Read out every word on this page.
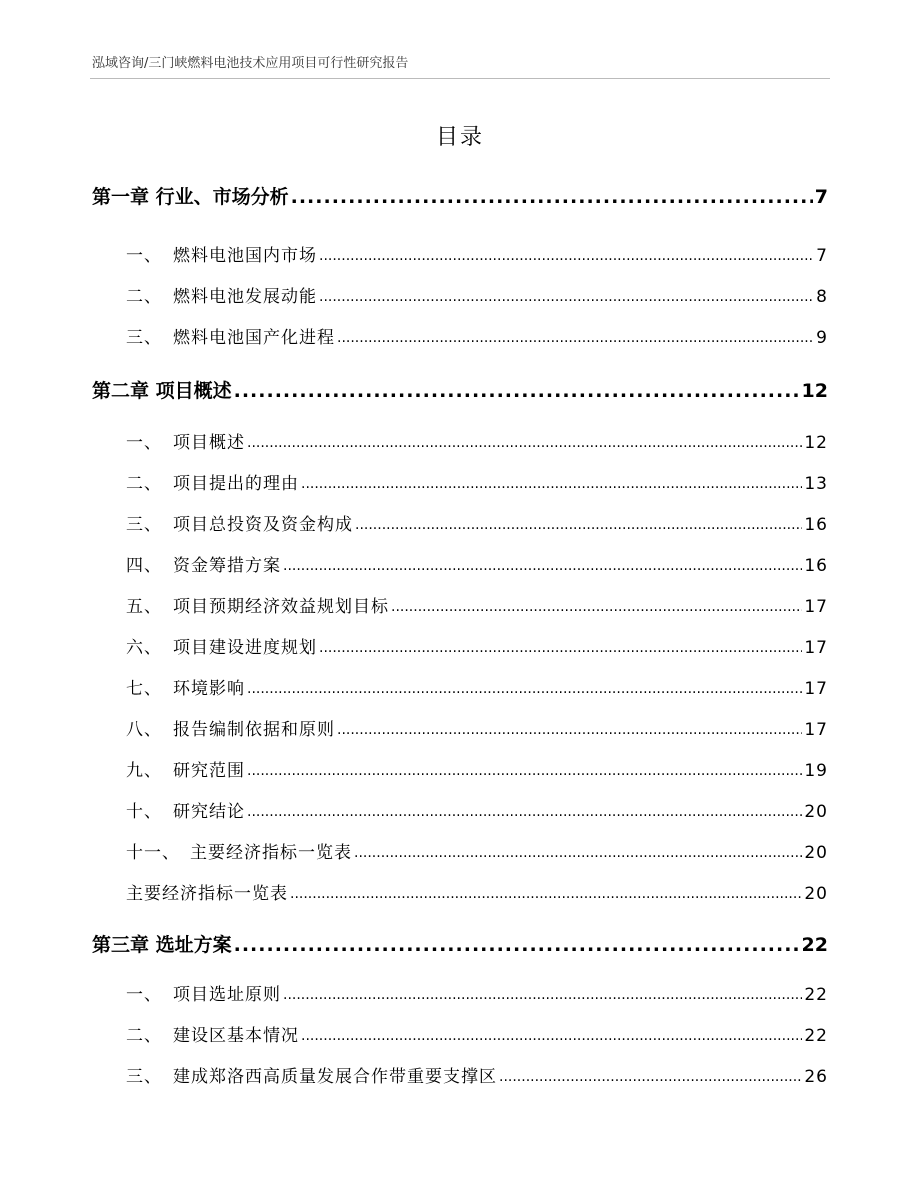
泓域咨询/三门峡燃料电池技术应用项目可行性研究报告
目录
第一章 行业、市场分析 .....	7
一、 燃料电池国内市场 .....	7
二、 燃料电池发展动能 .....	8
三、 燃料电池国产化进程 .....	9
第二章 项目概述 .....	12
一、 项目概述 .....	12
二、 项目提出的理由 .....	13
三、 项目总投资及资金构成 .....	16
四、 资金筹措方案 .....	16
五、 项目预期经济效益规划目标 .....	17
六、 项目建设进度规划 .....	17
七、 环境影响 .....	17
八、 报告编制依据和原则 .....	17
九、 研究范围 .....	19
十、 研究结论 .....	20
十一、 主要经济指标一览表 .....	20
主要经济指标一览表 .....	20
第三章 选址方案 .....	22
一、 项目选址原则 .....	22
二、 建设区基本情况 .....	22
三、 建成郑洛西高质量发展合作带重要支撑区 .....	26
